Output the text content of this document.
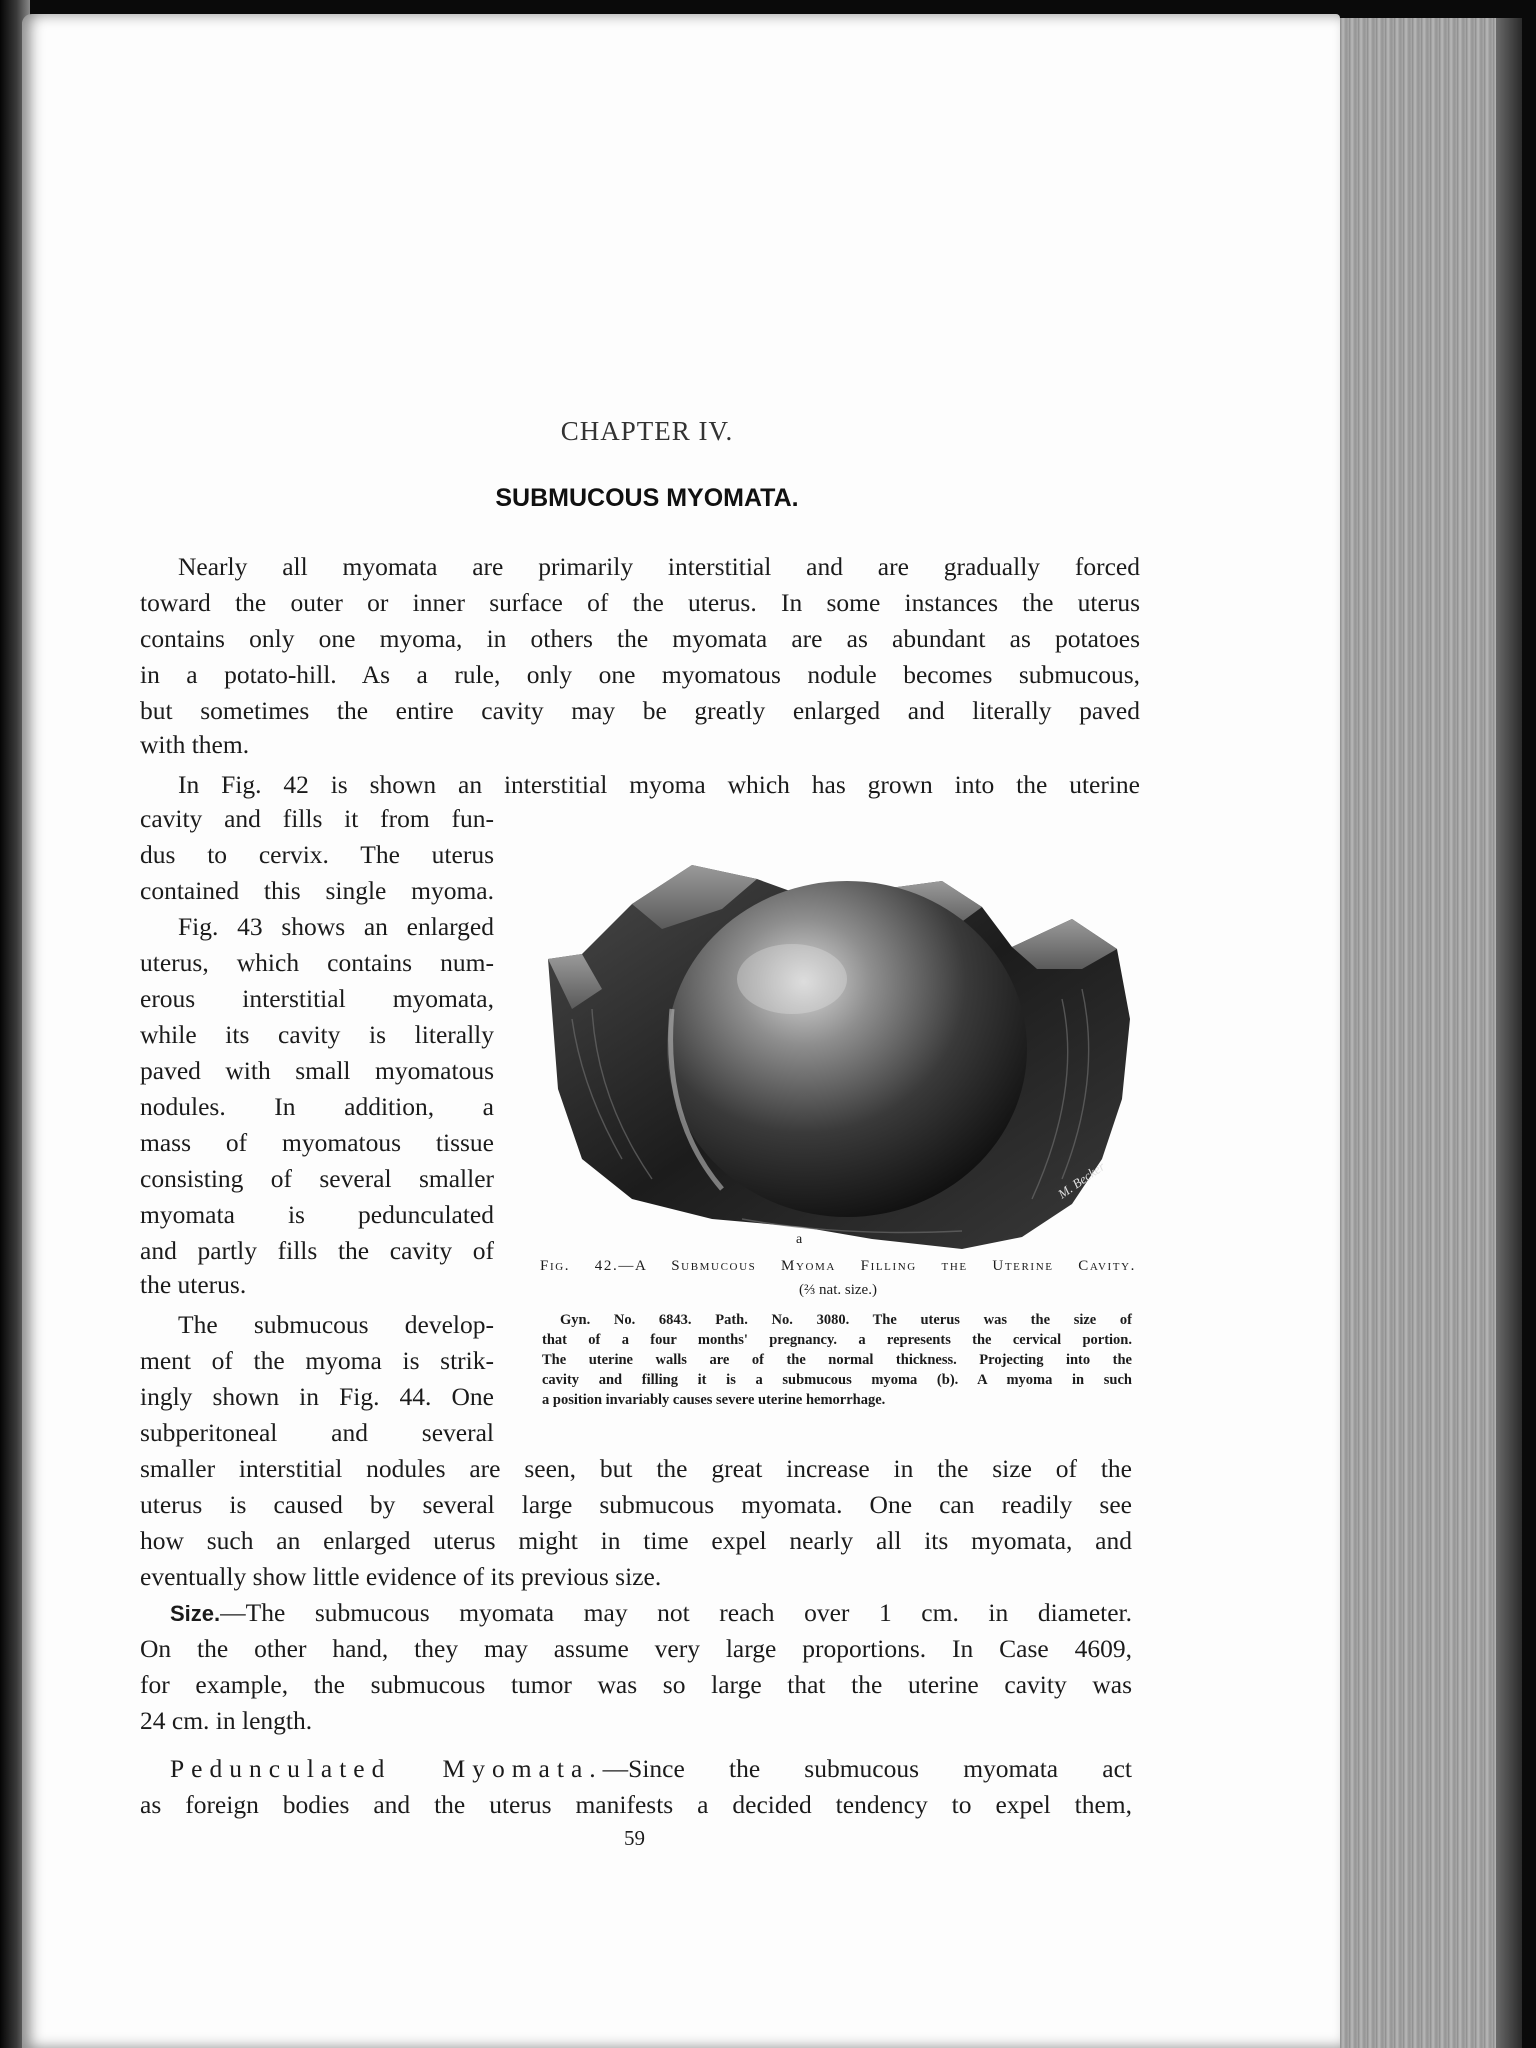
CHAPTER IV.
SUBMUCOUS MYOMATA.
Nearly all myomata are primarily interstitial and are gradually forced
toward the outer or inner surface of the uterus. In some instances the uterus
contains only one myoma, in others the myomata are as abundant as potatoes
in a potato-hill. As a rule, only one myomatous nodule becomes submucous,
but sometimes the entire cavity may be greatly enlarged and literally paved
with them.
In Fig. 42 is shown an interstitial myoma which has grown into the uterine
cavity and fills it from fun-
dus to cervix. The uterus
contained this single myoma.
Fig. 43 shows an enlarged
uterus, which contains num-
erous interstitial myomata,
while its cavity is literally
paved with small myomatous
nodules. In addition, a
mass of myomatous tissue
consisting of several smaller
myomata is pedunculated
and partly fills the cavity of
the uterus.
The submucous develop-
ment of the myoma is strik-
ingly shown in Fig. 44. One
subperitoneal and several
M. Becker
a
Fig. 42.—A Submucous Myoma Filling the Uterine Cavity.
(⅔ nat. size.)
Gyn. No. 6843. Path. No. 3080. The uterus was the size of
that of a four months' pregnancy. a represents the cervical portion.
The uterine walls are of the normal thickness. Projecting into the
cavity and filling it is a submucous myoma (b). A myoma in such
a position invariably causes severe uterine hemorrhage.
smaller interstitial nodules are seen, but the great increase in the size of the
uterus is caused by several large submucous myomata. One can readily see
how such an enlarged uterus might in time expel nearly all its myomata, and
eventually show little evidence of its previous size.
Size.—The submucous myomata may not reach over 1 cm. in diameter.
On the other hand, they may assume very large proportions. In Case 4609,
for example, the submucous tumor was so large that the uterine cavity was
24 cm. in length.
Pedunculated Myomata.—Since the submucous myomata act
as foreign bodies and the uterus manifests a decided tendency to expel them,
59
